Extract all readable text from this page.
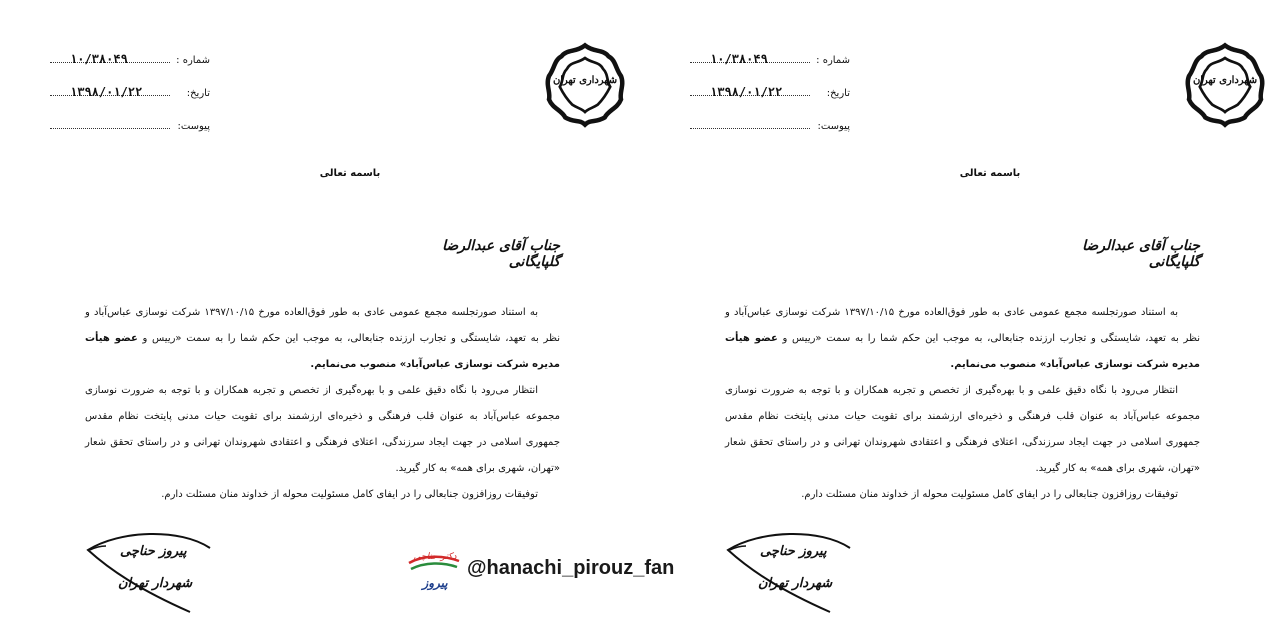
شماره :
۱۰/۳۸۰۴۹
تاریخ:
۱۳۹۸/۰۱/۲۲
پیوست:
شهرداری تهران
باسمه تعالی
جناب آقای عبدالرضا گلپایگانی

به استناد صورتجلسه مجمع عمومی عادی به طور فوق‌العاده مورخ ۱۳۹۷/۱۰/۱۵ شرکت نوسازی عباس‌آباد و نظر به تعهد، شایستگی و تجارب ارزنده جنابعالی، به موجب این حکم شما را به سمت «رییس و عضو هیأت مدیره شرکت نوسازی عباس‌آباد» منصوب می‌نمایم.

انتظار می‌رود با نگاه دقیق علمی و با بهره‌گیری از تخصص و تجربه همکاران و با توجه به ضرورت نوسازی مجموعه عباس‌آباد به عنوان قلب فرهنگی و ذخیره‌ای ارزشمند برای تقویت حیات مدنی پایتخت نظام مقدس جمهوری اسلامی در جهت ایجاد سرزندگی، اعتلای فرهنگی و اعتقادی شهروندان تهرانی و در راستای تحقق شعار «تهران، شهری برای همه» به کار گیرید.

توفیقات روزافزون جنابعالی را در ایفای کامل مسئولیت محوله از خداوند منان مسئلت دارم.

پیروز حناچی
شهردار تهران
شماره :
۱۰/۳۸۰۴۹
تاریخ:
۱۳۹۸/۰۱/۲۲
پیوست:
شهرداری تهران
باسمه تعالی
جناب آقای عبدالرضا گلپایگانی

به استناد صورتجلسه مجمع عمومی عادی به طور فوق‌العاده مورخ ۱۳۹۷/۱۰/۱۵ شرکت نوسازی عباس‌آباد و نظر به تعهد، شایستگی و تجارب ارزنده جنابعالی، به موجب این حکم شما را به سمت «رییس و عضو هیأت مدیره شرکت نوسازی عباس‌آباد» منصوب می‌نمایم.

انتظار می‌رود با نگاه دقیق علمی و با بهره‌گیری از تخصص و تجربه همکاران و با توجه به ضرورت نوسازی مجموعه عباس‌آباد به عنوان قلب فرهنگی و ذخیره‌ای ارزشمند برای تقویت حیات مدنی پایتخت نظام مقدس جمهوری اسلامی در جهت ایجاد سرزندگی، اعتلای فرهنگی و اعتقادی شهروندان تهرانی و در راستای تحقق شعار «تهران، شهری برای همه» به کار گیرید.

توفیقات روزافزون جنابعالی را در ایفای کامل مسئولیت محوله از خداوند منان مسئلت دارم.

پیروز حناچی
شهردار تهران
دکتر حناچی
پیروز
@hanachi_pirouz_fan
